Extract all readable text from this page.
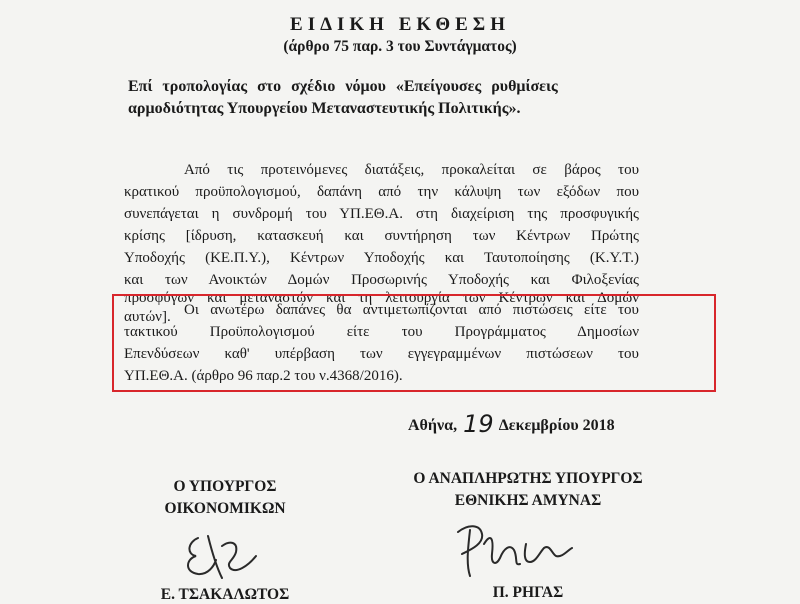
ΕΙΔΙΚΗ ΕΚΘΕΣΗ
(άρθρο 75 παρ. 3 του Συντάγματος)
Επί τροπολογίας στο σχέδιο νόμου «Επείγουσες ρυθμίσεις
αρμοδιότητας Υπουργείου Μεταναστευτικής Πολιτικής».
Από τις προτεινόμενες διατάξεις, προκαλείται σε βάρος του
κρατικού προϋπολογισμού, δαπάνη από την κάλυψη των εξόδων που
συνεπάγεται η συνδρομή του ΥΠ.ΕΘ.Α. στη διαχείριση της προσφυγικής
κρίσης [ίδρυση, κατασκευή και συντήρηση των Κέντρων Πρώτης
Υποδοχής (ΚΕ.Π.Υ.), Κέντρων Υποδοχής και Ταυτοποίησης (Κ.Υ.Τ.)
και των Ανοικτών Δομών Προσωρινής Υποδοχής και Φιλοξενίας
προσφύγων και μεταναστών και τη λειτουργία των Κέντρων και Δομών
αυτών]. Οι ανωτέρω δαπάνες θα αντιμετωπίζονται από πιστώσεις είτε του
τακτικού Προϋπολογισμού είτε του Προγράμματος Δημοσίων
Επενδύσεων καθ' υπέρβαση των εγγεγραμμένων πιστώσεων του
ΥΠ.ΕΘ.Α. (άρθρο 96 παρ.2 του ν.4368/2016).
Αθήνα, 19 Δεκεμβρίου 2018
Ο ΥΠΟΥΡΓΟΣ
ΟΙΚΟΝΟΜΙΚΩΝ
Ε. ΤΣΑΚΑΛΩΤΟΣ
Ο ΑΝΑΠΛΗΡΩΤΗΣ ΥΠΟΥΡΓΟΣ
ΕΘΝΙΚΗΣ ΑΜΥΝΑΣ
Π. ΡΗΓΑΣ
